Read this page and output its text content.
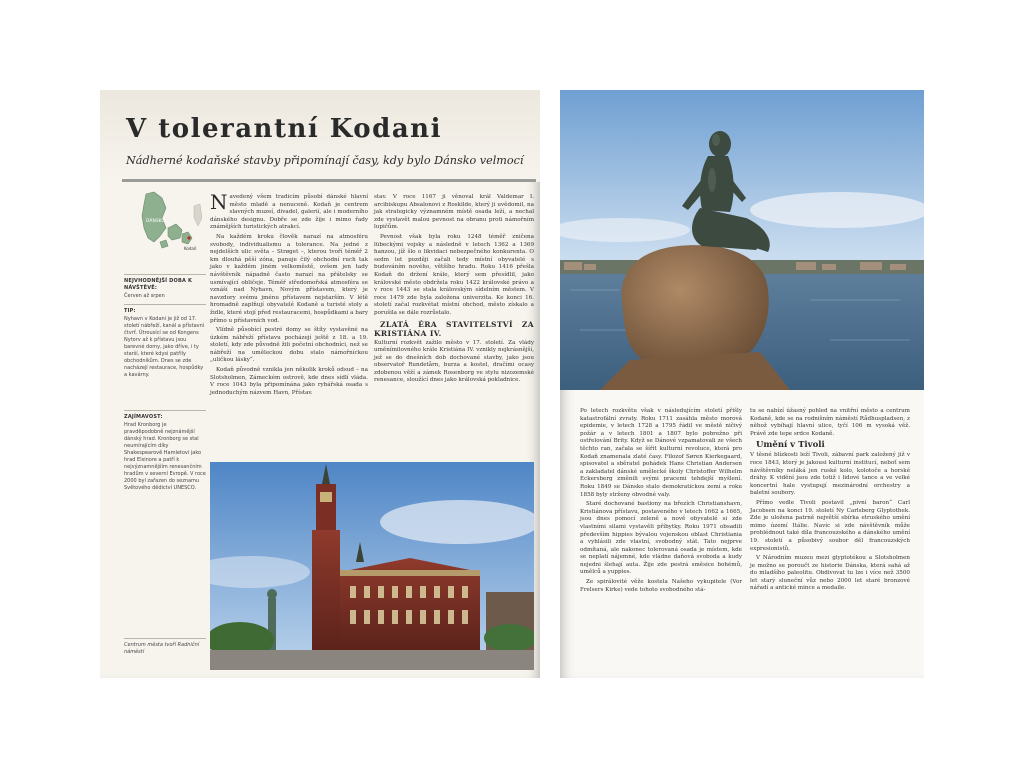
V tolerantní Kodani

Nádherné kodaňské stavby připomínají časy, kdy bylo Dánsko velmocí

DÁNSKO
Kodaň

NEJVHODNĚJŠÍ DOBA K NÁVŠTĚVĚ:

Červen až srpen

TIP:

Nyhavn v Kodani je již od 17. století nábřeží, kanál a přístavní čtvrť. Útrousící se od Kongens Nytorv až k přístavu jsou barevné domy, jako dříve, i ty starší, které kdysi patřily obchodníkům. Dnes se zde nacházejí restaurace, hospůdky a kavárny.

ZAJÍMAVOST:

Hrad Kronborg je pravděpodobně nejznámější dánský hrad. Kronborg se stal neumírajícím díky Shakespearově Hamletovi jako hrad Elsinore a patří k nejvýznamnějším renesančním hradům v severní Evropě. V roce 2000 byl zařazen do seznamu Světového dědictví UNESCO.

Centrum města tvoří Radniční náměstí

Navedený všem tradicím působí dánské hlavní město mladě a nenuceně. Kodaň je centrem slavných muzeí, divadel, galerií, ale i moderního dánského designu. Dobře se zde žije i mimo řady známějších turistických atrakcí.

Na každém kroku člověk narazí na atmosféru svobody, individualismu a tolerance. Na jedné z nejdelších ulic světa – Strøget –, kterou tvoří téměř 2 km dlouhá pěší zóna, panuje čilý obchodní ruch tak jako v každém jiném velkoměstě, ovšem jen tady návštěvník nápadně často narazí na přátelsky se usmívající obličeje. Téměř středomořská atmosféra se vznáší nad Nyhavn, Novým přístavem, který je navzdory svému jménu přístavem nejstarším. V létě hromadně zaplňují obyvatelé Kodaně a turisté stoly a židle, které stojí před restauracemi, hospůdkami a bary přímo u přístavních vod.

Vlídně působící pestré domy se štíty vystavěné na úzkém nábřeží přístavu pocházejí ještě z 18. a 19. století, kdy zde původně žili početní obchodníci, než se nábřeží na uměleckou dobu stalo námořníckou „uličkou lásky“.

Kodaň původně vznikla jen několik kroků odsud – na Slotsholmen, Zámeckém ostrově, kde dnes sídlí vláda. V roce 1043 byla připomínána jako rybářská osada s jednoduchým názvem Havn, Přístav.

stav. V roce 1167 ji věnoval král Valdemar I. arcibiskupu Absalonovi z Roskilde, který ji uvědomil, na jak strategicky významném místě osada leží, a nechal zde vystavět malou pevnost na obranu proti námořním lupičům.

Pevnost však byla roku 1248 téměř zničena lübeckými vojsky a následně v letech 1362 a 1369 hanzou, jíž šlo o likvidaci nebezpečného konkurenta. O sedm let později začali tedy místní obyvatelé s budováním nového, většího hradu. Roku 1416 přešla Kodaň do držení krále, který sem přesídlil, jako královské město obdržela roku 1422 královské právo a v roce 1443 se stala královským sídelním městem. V roce 1479 zde byla založena univerzita. Ke konci 16. století začal rozkvétat místní obchod, město získalo a porušila se dále rozrůstalo.

ZLATÁ ÉRA STAVITELSTVÍ ZA KRISTIÁNA IV.

Kulturní rozkvět zažilo město v 17. století. Za vlády uměnímilovného krále Kristiána IV. vznikly nejkrásnější, jež se do dnešních dob dochované stavby, jako jsou observatoř Rundetårn, burza a kostel, dračími ocasy zdobenou věží a zámek Rosenborg ve stylu nizozemské renesance, sloužící dnes jako královská pokladnice.

Po letech rozkvětu však v následujícím století přišly katastrofální zvraty. Roku 1711 zasáhla město morová epidemie, v letech 1728 a 1795 řádil ve městě ničivý požár a v letech 1801 a 1807 bylo pobrežno při ostřelování Brity. Když se Dánové vzpamatovali ze všech těchto ran, začala se šířit kulturní revoluce, která pro Kodaň znamenala zlaté časy. Filozof Søren Kierkegaard, spisovatel a sběratel pohádek Hans Christian Andersen a zakladatel dánské umělecké školy Christoffer Wilhelm Eckersberg změnili svými pracemi tehdejší myšlení. Roku 1849 se Dánsko stalo demokratickou zemí a roku 1858 byly strženy obvodné valy.

Staré dochované bastiony na březích Christianshavn, Kristiánova přístavu, postaveného v letech 1662 a 1665, jsou dnes pomocí zeleně a nově obyvatelé si zde vlastními silami vystavěli příbytky. Roku 1971 obsadili především hippies bývalou vojenskou oblast Christiania a vyhlásili zde vlastní, svobodný stát. Tato nejprve odmítaná, ale nakonec tolerovaná osada je místem, kde se neplatí nájemné, kde vládne daňová svoboda a kudy nejedni šlehají auta. Žije zde pestrá směsice bohémů, umělců a yuppies.

Ze spirálovité věže kostela Našeho vykupitele (Vor Frelsers Kirke) vede tohoto svobodného stá-

tu se nabízí úžasný pohled na vnitřní město a centrum Kodaně, kde se na rodnišním náměstí Rådhuspladsen, z něhož vybíhají hlavní ulice, tyčí 106 m vysoká věž. Právě zde tepe srdce Kodaně.

Umění v Tivoli

V těsné blízkosti leží Tivoli, zábavní park založený již v roce 1843, který je jakousi kulturní institucí, neboť sem návštěvníky neláká jen ruské kolo, kolotoče a horské dráhy. K vidění jsou zde totiž i lidové tance a ve velké koncertní hale vystupují mezinárodní orchestry a baletní soubory.

Přímo vedle Tivoli postavil „pivní baron“ Carl Jacobsen na konci 19. století Ny Carlsberg Glyptothek. Zde je uložena patrně největší sbírka etruského umění mimo území Itálie. Navíc si zde návštěvník může prohlédnout také díla francouzského a dánského umění 19. století a působivý soubor děl francouzských expresionistů.

V Národním muzeu mezi glyptotékou a Slotsholmen je možno se poroučt ze historie Dánska, která sahá až do mladšího paleolitu. Obdivovat tu lze i více než 3500 let starý sluneční vůz nebo 2000 let staré bronzové nářadí a antické mince a medaile.
